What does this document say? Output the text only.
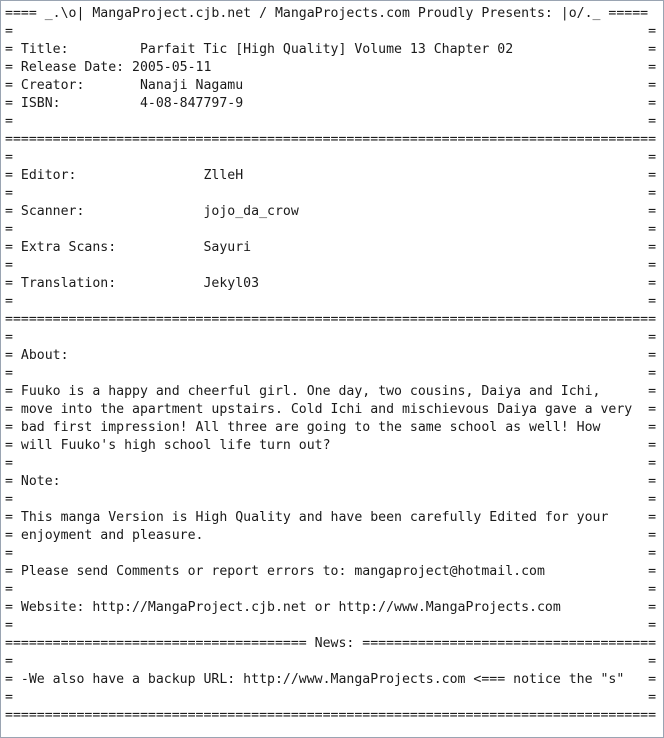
==== _.\o| MangaProject.cjb.net / MangaProjects.com Proudly Presents: |o/._ =====
=                                                                                =
= Title:         Parfait Tic [High Quality] Volume 13 Chapter 02                 =
= Release Date: 2005-05-11                                                       =
= Creator:       Nanaji Nagamu                                                   =
= ISBN:          4-08-847797-9                                                   =
=                                                                                =
==================================================================================
=                                                                                =
= Editor:                ZlleH                                                   =
=                                                                                =
= Scanner:               jojo_da_crow                                            =
=                                                                                =
= Extra Scans:           Sayuri                                                  =
=                                                                                =
= Translation:           Jekyl03                                                 =
=                                                                                =
==================================================================================
=                                                                                =
= About:                                                                         =
=                                                                                =
= Fuuko is a happy and cheerful girl. One day, two cousins, Daiya and Ichi,      =
= move into the apartment upstairs. Cold Ichi and mischievous Daiya gave a very  =
= bad first impression! All three are going to the same school as well! How      =
= will Fuuko's high school life turn out?                                        =
=                                                                                =
= Note:                                                                          =
=                                                                                =
= This manga Version is High Quality and have been carefully Edited for your     =
= enjoyment and pleasure.                                                        =
=                                                                                =
= Please send Comments or report errors to: mangaproject@hotmail.com             =
=                                                                                =
= Website: http://MangaProject.cjb.net or http://www.MangaProjects.com           =
=                                                                                =
====================================== News: =====================================
=                                                                                =
= -We also have a backup URL: http://www.MangaProjects.com <=== notice the "s"   =
=                                                                                =
==================================================================================
